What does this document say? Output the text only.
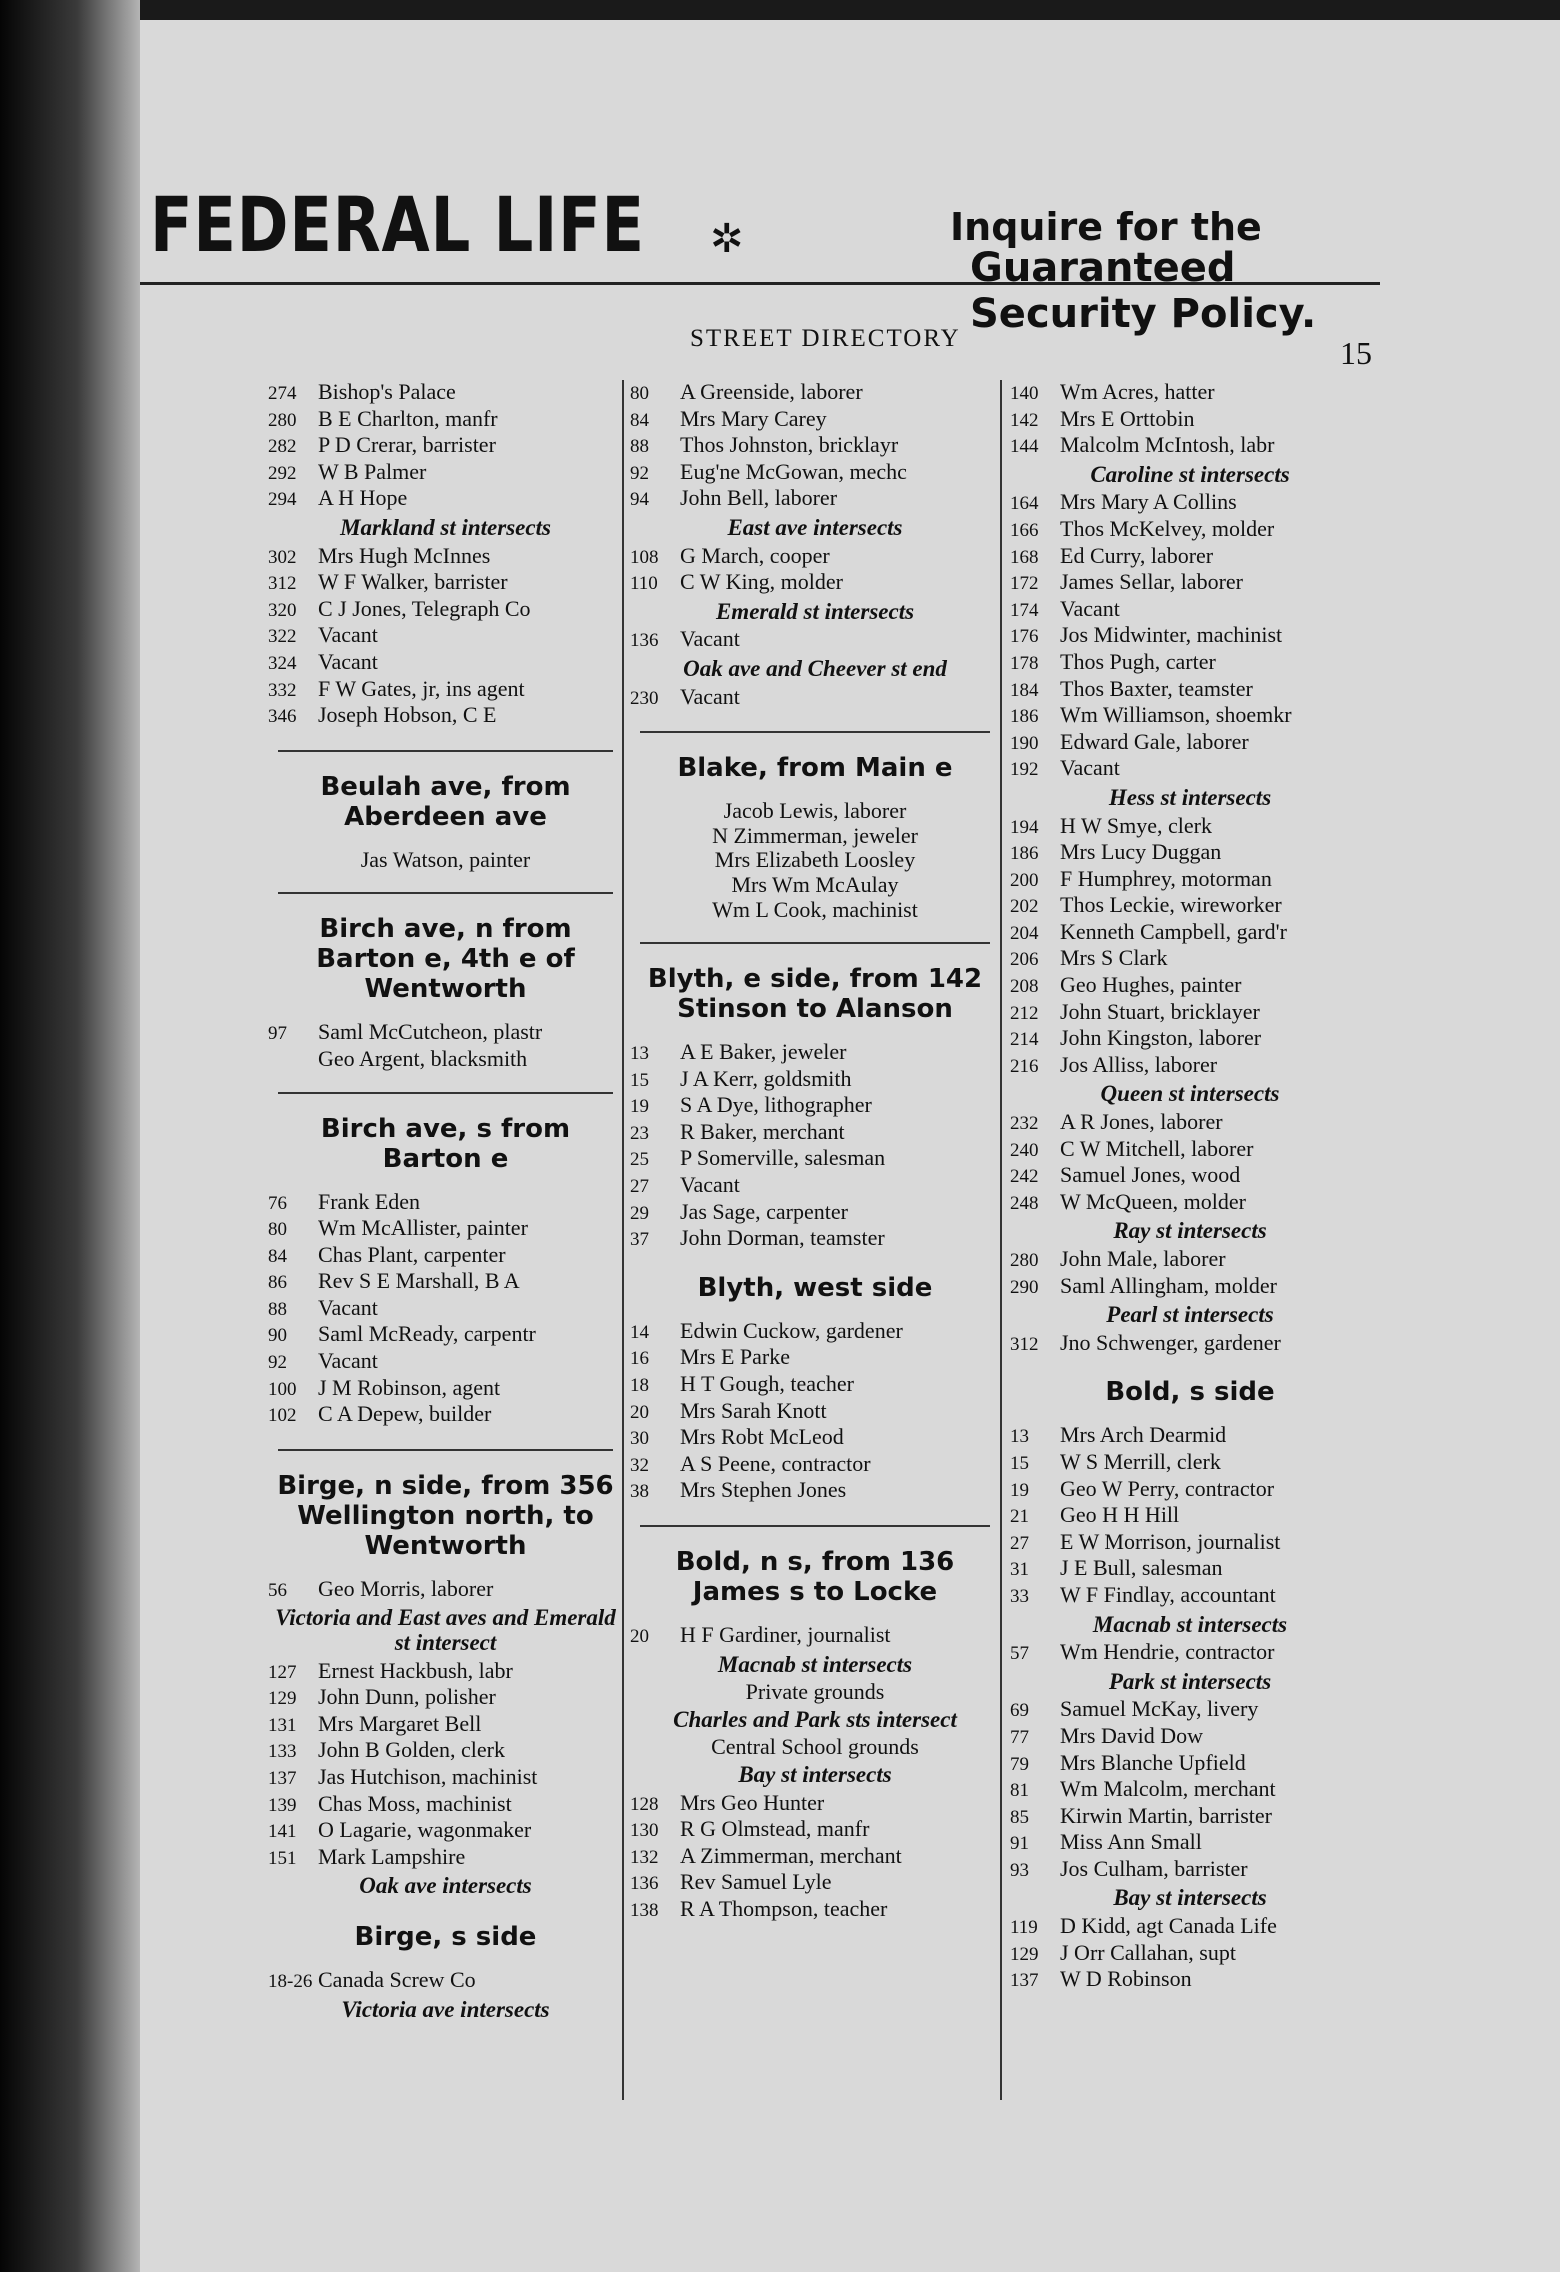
FEDERAL LIFE ✲	Inquire for the
Guaranteed Security Policy.
STREET DIRECTORY	15
274 Bishop's Palace
280 B E Charlton, manfr
282 P D Crerar, barrister
292 W B Palmer
294 A H Hope
Markland st intersects
302 Mrs Hugh McInnes
312 W F Walker, barrister
320 C J Jones, Telegraph Co
322 Vacant
324 Vacant
332 F W Gates, jr, ins agent
346 Joseph Hobson, C E
Beulah ave, from Aberdeen ave
Jas Watson, painter
Birch ave, n from Barton e, 4th e of Wentworth
97 Saml McCutcheon, plastr
Geo Argent, blacksmith
Birch ave, s from Barton e
76 Frank Eden
80 Wm McAllister, painter
84 Chas Plant, carpenter
86 Rev S E Marshall, B A
88 Vacant
90 Saml McReady, carpentr
92 Vacant
100 J M Robinson, agent
102 C A Depew, builder
Birge, n side, from 356 Wellington north, to Wentworth
56 Geo Morris, laborer
Victoria and East aves and Emerald st intersect
127 Ernest Hackbush, labr
129 John Dunn, polisher
131 Mrs Margaret Bell
133 John B Golden, clerk
137 Jas Hutchison, machinist
139 Chas Moss, machinist
141 O Lagarie, wagonmaker
151 Mark Lampshire
Oak ave intersects
Birge, s side
18-26 Canada Screw Co
Victoria ave intersects
80 A Greenside, laborer
84 Mrs Mary Carey
88 Thos Johnston, bricklayr
92 Eug'ne McGowan, mechc
94 John Bell, laborer
East ave intersects
108 G March, cooper
110 C W King, molder
Emerald st intersects
136 Vacant
Oak ave and Cheever st end
230 Vacant
Blake, from Main e
Jacob Lewis, laborer
N Zimmerman, jeweler
Mrs Elizabeth Loosley
Mrs Wm McAulay
Wm L Cook, machinist
Blyth, e side, from 142 Stinson to Alanson
13 A E Baker, jeweler
15 J A Kerr, goldsmith
19 S A Dye, lithographer
23 R Baker, merchant
25 P Somerville, salesman
27 Vacant
29 Jas Sage, carpenter
37 John Dorman, teamster
Blyth, west side
14 Edwin Cuckow, gardener
16 Mrs E Parke
18 H T Gough, teacher
20 Mrs Sarah Knott
30 Mrs Robt McLeod
32 A S Peene, contractor
38 Mrs Stephen Jones
Bold, n s, from 136 James s to Locke
20 H F Gardiner, journalist
Macnab st intersects
Private grounds
Charles and Park sts intersect
Central School grounds
Bay st intersects
128 Mrs Geo Hunter
130 R G Olmstead, manfr
132 A Zimmerman, merchant
136 Rev Samuel Lyle
138 R A Thompson, teacher
140 Wm Acres, hatter
142 Mrs E Orttobin
144 Malcolm McIntosh, labr
Caroline st intersects
164 Mrs Mary A Collins
166 Thos McKelvey, molder
168 Ed Curry, laborer
172 James Sellar, laborer
174 Vacant
176 Jos Midwinter, machinist
178 Thos Pugh, carter
184 Thos Baxter, teamster
186 Wm Williamson, shoemkr
190 Edward Gale, laborer
192 Vacant
Hess st intersects
194 H W Smye, clerk
186 Mrs Lucy Duggan
200 F Humphrey, motorman
202 Thos Leckie, wireworker
204 Kenneth Campbell, gard'r
206 Mrs S Clark
208 Geo Hughes, painter
212 John Stuart, bricklayer
214 John Kingston, laborer
216 Jos Alliss, laborer
Queen st intersects
232 A R Jones, laborer
240 C W Mitchell, laborer
242 Samuel Jones, wood
248 W McQueen, molder
Ray st intersects
280 John Male, laborer
290 Saml Allingham, molder
Pearl st intersects
312 Jno Schwenger, gardener
Bold, s side
13 Mrs Arch Dearmid
15 W S Merrill, clerk
19 Geo W Perry, contractor
21 Geo H H Hill
27 E W Morrison, journalist
31 J E Bull, salesman
33 W F Findlay, accountant
Macnab st intersects
57 Wm Hendrie, contractor
Park st intersects
69 Samuel McKay, livery
77 Mrs David Dow
79 Mrs Blanche Upfield
81 Wm Malcolm, merchant
85 Kirwin Martin, barrister
91 Miss Ann Small
93 Jos Culham, barrister
Bay st intersects
119 D Kidd, agt Canada Life
129 J Orr Callahan, supt
137 W D Robinson
